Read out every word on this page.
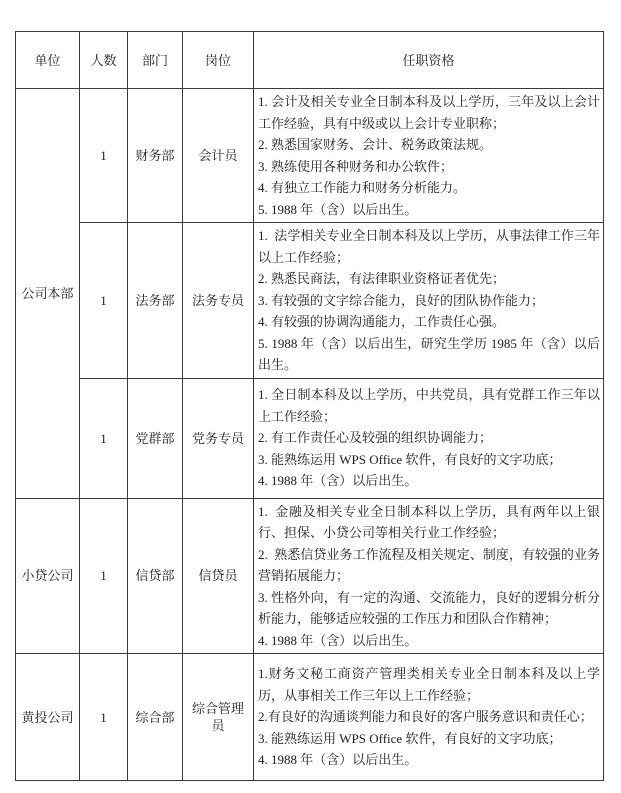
单位	人数	部门	岗位	任职资格
公司本部	1	财务部	会计员	1. 会计及相关专业全日制本科及以上学历，三年及以上会计工作经验，具有中级或以上会计专业职称；
2. 熟悉国家财务、会计、税务政策法规。
3. 熟练使用各种财务和办公软件；
4. 有独立工作能力和财务分析能力。
5. 1988 年（含）以后出生。

	1	法务部	法务专员	1.  法学相关专业全日制本科及以上学历，从事法律工作三年以上工作经验；
2. 熟悉民商法，有法律职业资格证者优先；
3. 有较强的文字综合能力，良好的团队协作能力；
4. 有较强的协调沟通能力，工作责任心强。
5. 1988 年（含）以后出生，研究生学历 1985 年（含）以后出生。

	1	党群部	党务专员	1. 全日制本科及以上学历，中共党员，具有党群工作三年以上工作经验；
2. 有工作责任心及较强的组织协调能力；
3. 能熟练运用 WPS Office 软件，有良好的文字功底；
4. 1988 年（含）以后出生。

小贷公司	1	信贷部	信贷员	1.  金融及相关专业全日制本科以上学历，具有两年以上银行、担保、小贷公司等相关行业工作经验；
2.  熟悉信贷业务工作流程及相关规定、制度，有较强的业务营销拓展能力；
3. 性格外向，有一定的沟通、交流能力，良好的逻辑分析分析能力，能够适应较强的工作压力和团队合作精神；
4. 1988 年（含）以后出生。

黄投公司	1	综合部	综合管理员	1.财务文秘工商资产管理类相关专业全日制本科及以上学历，从事相关工作三年以上工作经验；
2.有良好的沟通谈判能力和良好的客户服务意识和责任心；
3. 能熟练运用 WPS Office 软件，有良好的文字功底；
4. 1988 年（含）以后出生。
